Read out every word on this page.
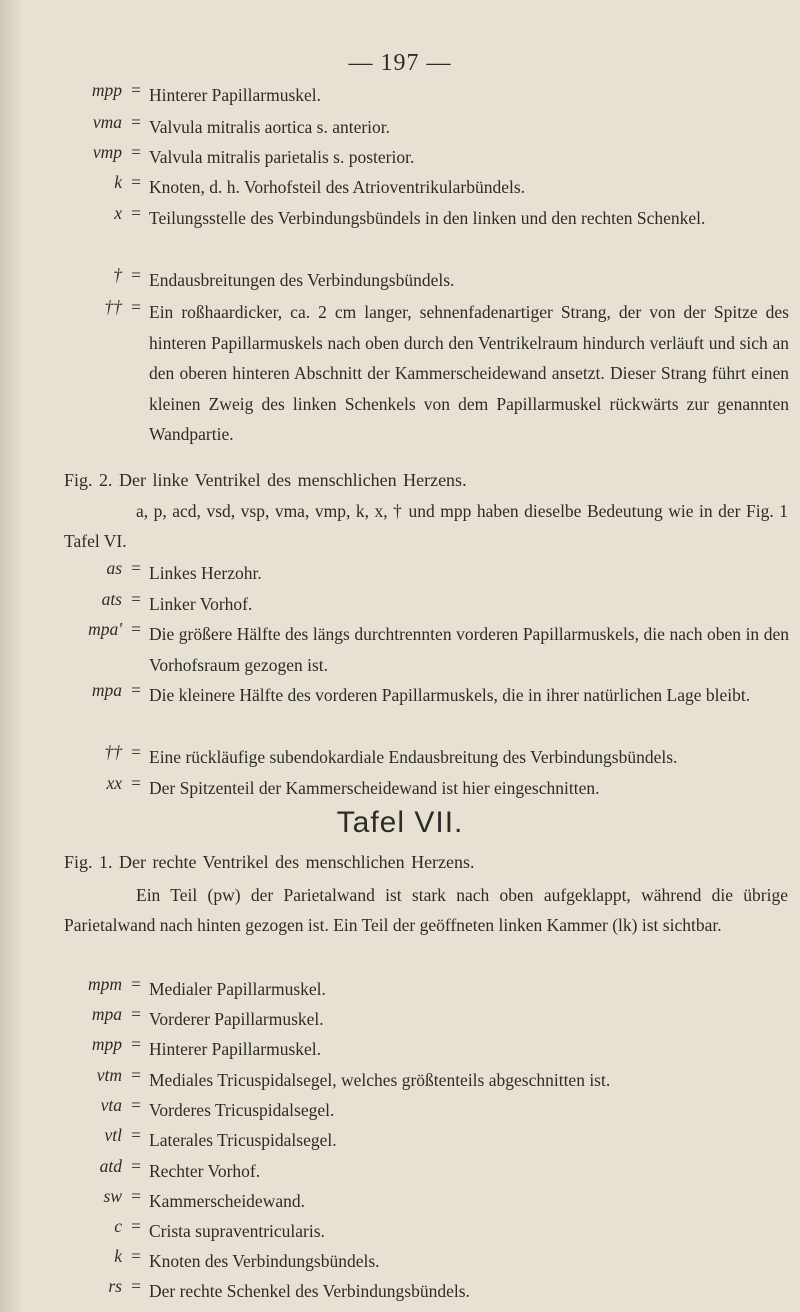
— 197 —
mpp = Hinterer Papillarmuskel.
vma = Valvula mitralis aortica s. anterior.
vmp = Valvula mitralis parietalis s. posterior.
k = Knoten, d. h. Vorhofsteil des Atrioventrikularbündels.
x = Teilungsstelle des Verbindungsbündels in den linken und den rechten Schenkel.
† = Endausbreitungen des Verbindungsbündels.
†† = Ein roßhaardicker, ca. 2 cm langer, sehnenfadenartiger Strang, der von der Spitze des hinteren Papillarmuskels nach oben durch den Ventrikelraum hindurch verläuft und sich an den oberen hinteren Abschnitt der Kammerscheidewand ansetzt. Dieser Strang führt einen kleinen Zweig des linken Schenkels von dem Papillarmuskel rückwärts zur genannten Wandpartie.
Fig. 2. Der linke Ventrikel des menschlichen Herzens.
a, p, acd, vsd, vsp, vma, vmp, k, x, † und mpp haben dieselbe Bedeutung wie in der Fig. 1 Tafel VI.
as = Linkes Herzohr.
ats = Linker Vorhof.
mpa' = Die größere Hälfte des längs durchtrennten vorderen Papillarmuskels, die nach oben in den Vorhofsraum gezogen ist.
mpa = Die kleinere Hälfte des vorderen Papillarmuskels, die in ihrer natürlichen Lage bleibt.
†† = Eine rückläufige subendokardiale Endausbreitung des Verbindungsbündels.
xx = Der Spitzenteil der Kammerscheidewand ist hier eingeschnitten.
Tafel VII.
Fig. 1. Der rechte Ventrikel des menschlichen Herzens.
Ein Teil (pw) der Parietalwand ist stark nach oben aufgeklappt, während die übrige Parietalwand nach hinten gezogen ist. Ein Teil der geöffneten linken Kammer (lk) ist sichtbar.
mpm = Medialer Papillarmuskel.
mpa = Vorderer Papillarmuskel.
mpp = Hinterer Papillarmuskel.
vtm = Mediales Tricuspidalsegel, welches größtenteils abgeschnitten ist.
vta = Vorderes Tricuspidalsegel.
vtl = Laterales Tricuspidalsegel.
atd = Rechter Vorhof.
sw = Kammerscheidewand.
c = Crista supraventricularis.
k = Knoten des Verbindungsbündels.
rs = Der rechte Schenkel des Verbindungsbündels.
